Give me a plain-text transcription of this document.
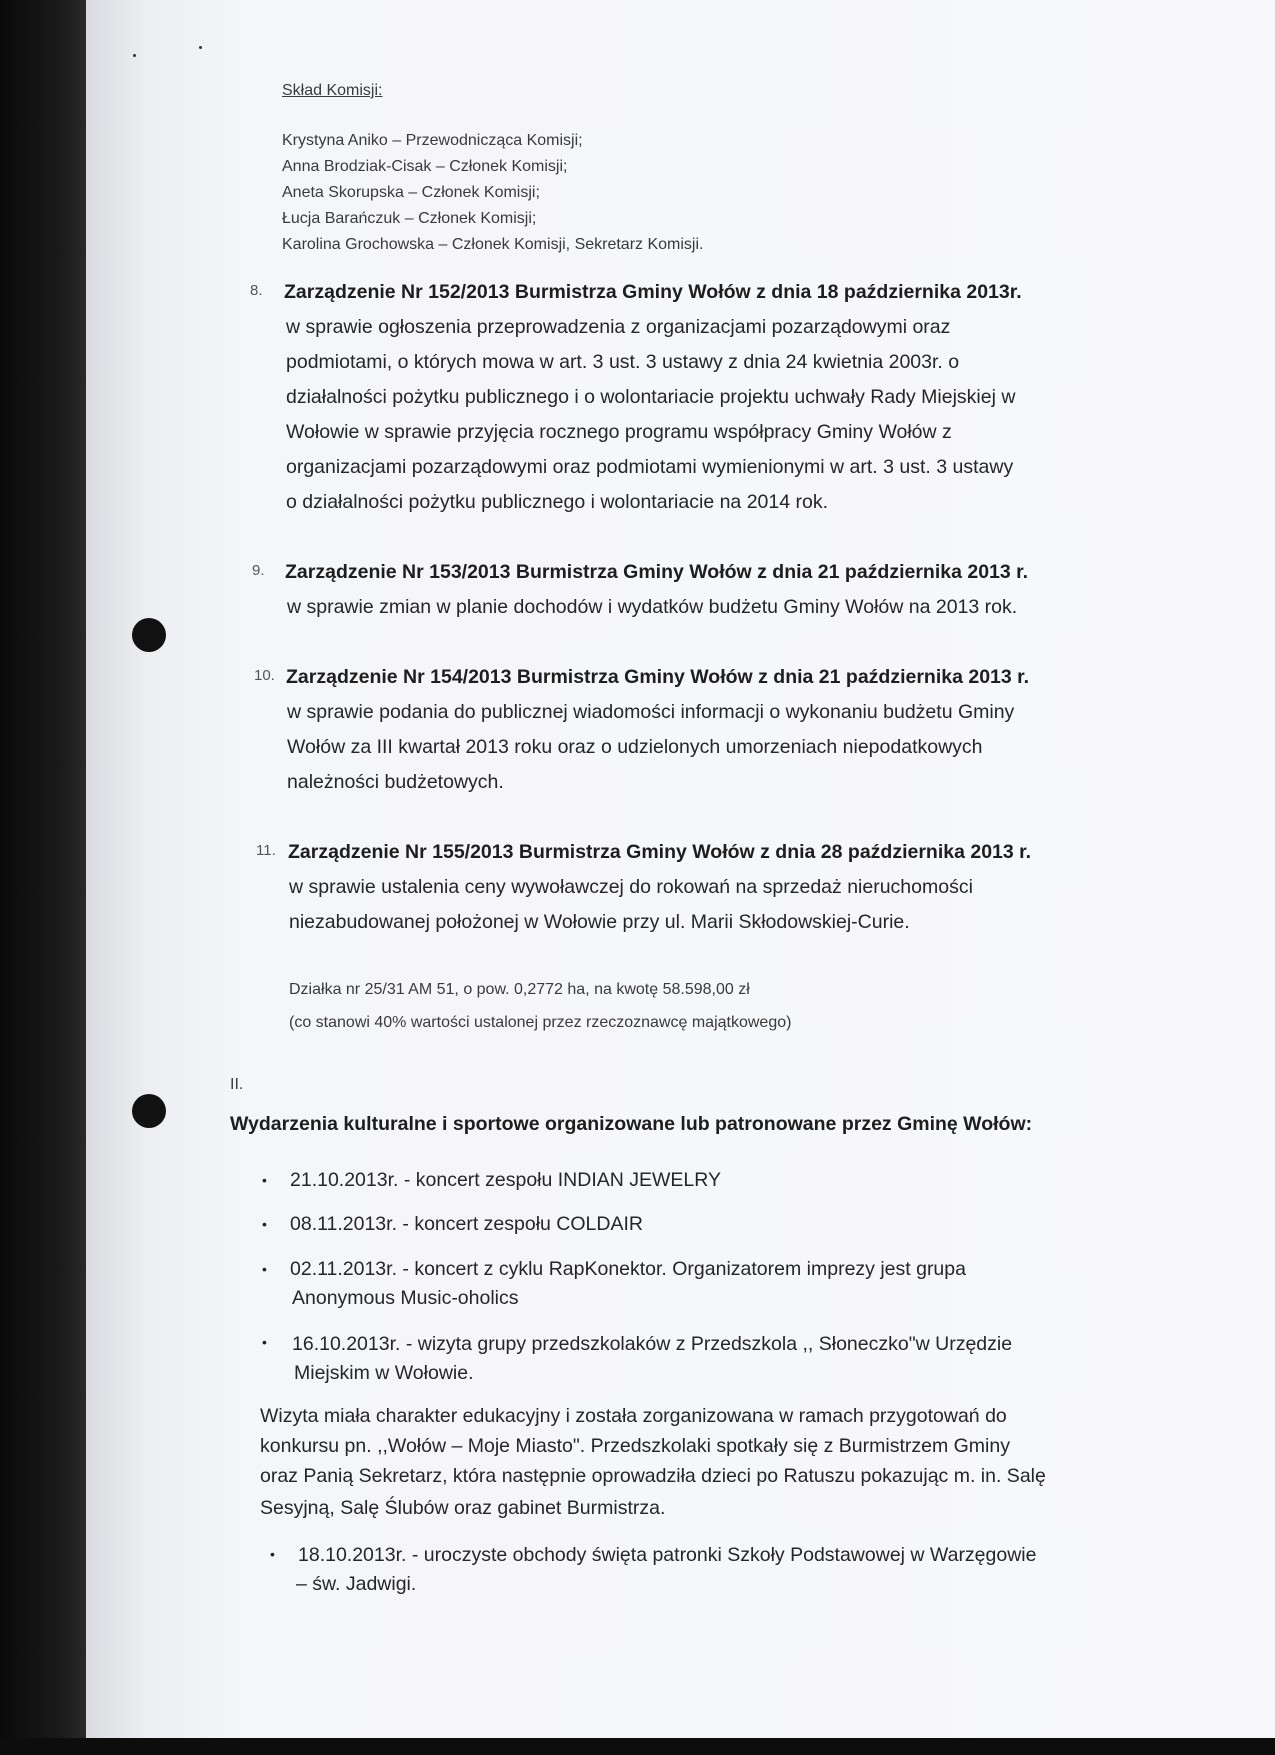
Skład Komisji:
Krystyna Aniko – Przewodnicząca Komisji;
Anna Brodziak-Cisak – Członek Komisji;
Aneta Skorupska – Członek Komisji;
Łucja Barańczuk – Członek Komisji;
Karolina Grochowska – Członek Komisji, Sekretarz Komisji.
8. Zarządzenie Nr 152/2013 Burmistrza Gminy Wołów z dnia 18 października 2013r.
w sprawie ogłoszenia przeprowadzenia z organizacjami pozarządowymi oraz
podmiotami, o których mowa w art. 3 ust. 3 ustawy z dnia 24 kwietnia 2003r. o
działalności pożytku publicznego i o wolontariacie projektu uchwały Rady Miejskiej w
Wołowie w sprawie przyjęcia rocznego programu współpracy Gminy Wołów z
organizacjami pozarządowymi oraz podmiotami wymienionymi w art. 3 ust. 3 ustawy
o działalności pożytku publicznego i wolontariacie na 2014 rok.
9. Zarządzenie Nr 153/2013 Burmistrza Gminy Wołów z dnia 21 października 2013 r.
w sprawie zmian w planie dochodów i wydatków budżetu Gminy Wołów na 2013 rok.
10. Zarządzenie Nr 154/2013 Burmistrza Gminy Wołów z dnia 21 października 2013 r.
w sprawie podania do publicznej wiadomości informacji o wykonaniu budżetu Gminy
Wołów za III kwartał 2013 roku oraz o udzielonych umorzeniach niepodatkowych
należności budżetowych.
11. Zarządzenie Nr 155/2013 Burmistrza Gminy Wołów z dnia 28 października 2013 r.
w sprawie ustalenia ceny wywoławczej do rokowań na sprzedaż nieruchomości
niezabudowanej położonej w Wołowie przy ul. Marii Skłodowskiej-Curie.
Działka nr 25/31 AM 51, o pow. 0,2772 ha, na kwotę 58.598,00 zł
(co stanowi 40% wartości ustalonej przez rzeczoznawcę majątkowego)
II.
Wydarzenia kulturalne i sportowe organizowane lub patronowane przez Gminę Wołów:
• 21.10.2013r. - koncert zespołu INDIAN JEWELRY
• 08.11.2013r. - koncert zespołu COLDAIR
• 02.11.2013r. - koncert z cyklu RapKonektor. Organizatorem imprezy jest grupa
Anonymous Music-oholics
• 16.10.2013r. - wizyta grupy przedszkolaków z Przedszkola ,, Słoneczko"w Urzędzie
Miejskim w Wołowie.
Wizyta miała charakter edukacyjny i została zorganizowana w ramach przygotowań do
konkursu pn. ,,Wołów – Moje Miasto". Przedszkolaki spotkały się z Burmistrzem Gminy
oraz Panią Sekretarz, która następnie oprowadziła dzieci po Ratuszu pokazując m. in. Salę
Sesyjną, Salę Ślubów oraz gabinet Burmistrza.
• 18.10.2013r. - uroczyste obchody święta patronki Szkoły Podstawowej w Warzęgowie
– św. Jadwigi.
